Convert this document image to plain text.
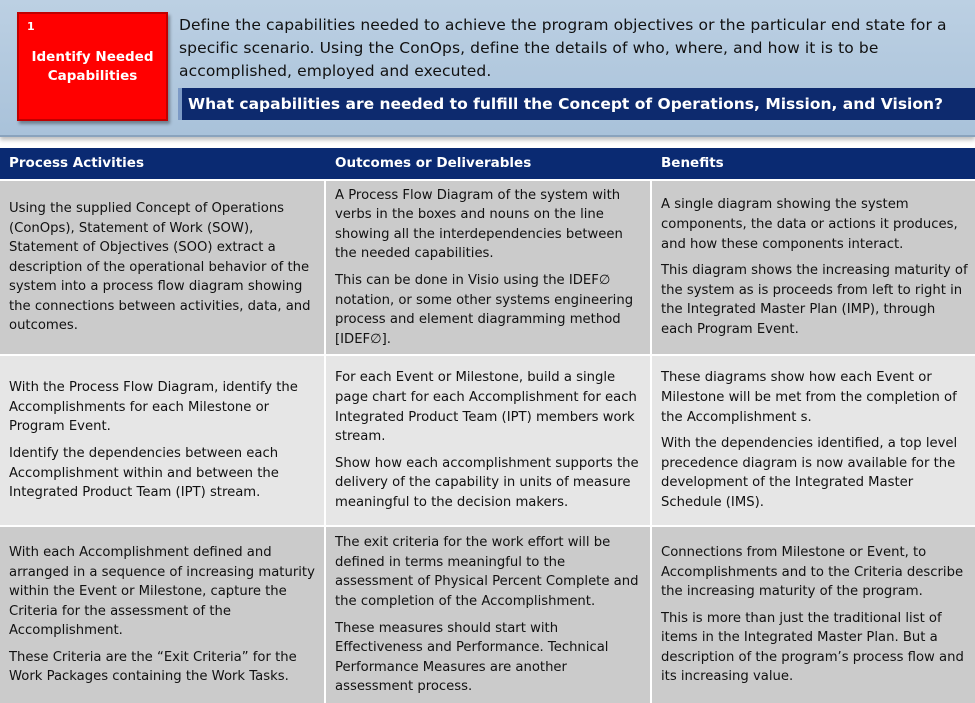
1
Identify Needed Capabilities
Define the capabilities needed to achieve the program objectives or the particular end state for a specific scenario. Using the ConOps, define the details of who, where, and how it is to be accomplished, employed and executed.
What capabilities are needed to fulfill the Concept of Operations, Mission, and Vision?
Process Activities	Outcomes or Deliverables	Benefits

Using the supplied Concept of Operations (ConOps), Statement of Work (SOW), Statement of Objectives (SOO) extract a description of the operational behavior of the system into a process flow diagram showing the connections between activities, data, and outcomes.

A Process Flow Diagram of the system with verbs in the boxes and nouns on the line showing all the interdependencies between the needed capabilities.

This can be done in Visio using the IDEF∅ notation, or some other systems engineering process and element diagramming method [IDEF∅].

A single diagram showing the system components, the data or actions it produces, and how these components interact.

This diagram shows the increasing maturity of the system as is proceeds from left to right in the Integrated Master Plan (IMP), through each Program Event.

With the Process Flow Diagram, identify the Accomplishments for each Milestone or Program Event.

Identify the dependencies between each Accomplishment within and between the Integrated Product Team (IPT) stream.

For each Event or Milestone, build a single page chart for each Accomplishment for each Integrated Product Team (IPT) members work stream.

Show how each accomplishment supports the delivery of the capability in units of measure meaningful to the decision makers.

These diagrams show how each Event or Milestone will be met from the completion of the Accomplishment s.

With the dependencies identified, a top level precedence diagram is now available for the development of the Integrated Master Schedule (IMS).

With each Accomplishment defined and arranged in a sequence of increasing maturity within the Event or Milestone, capture the Criteria for the assessment of the Accomplishment.

These Criteria are the “Exit Criteria” for the Work Packages containing the Work Tasks.

The exit criteria for the work effort will be defined in terms meaningful to the assessment of Physical Percent Complete and the completion of the Accomplishment.

These measures should start with Effectiveness and Performance. Technical Performance Measures are another assessment process.

Connections from Milestone or Event, to Accomplishments and to the Criteria describe the increasing maturity of the program.

This is more than just the traditional list of items in the Integrated Master Plan. But a description of the program’s process flow and its increasing value.
